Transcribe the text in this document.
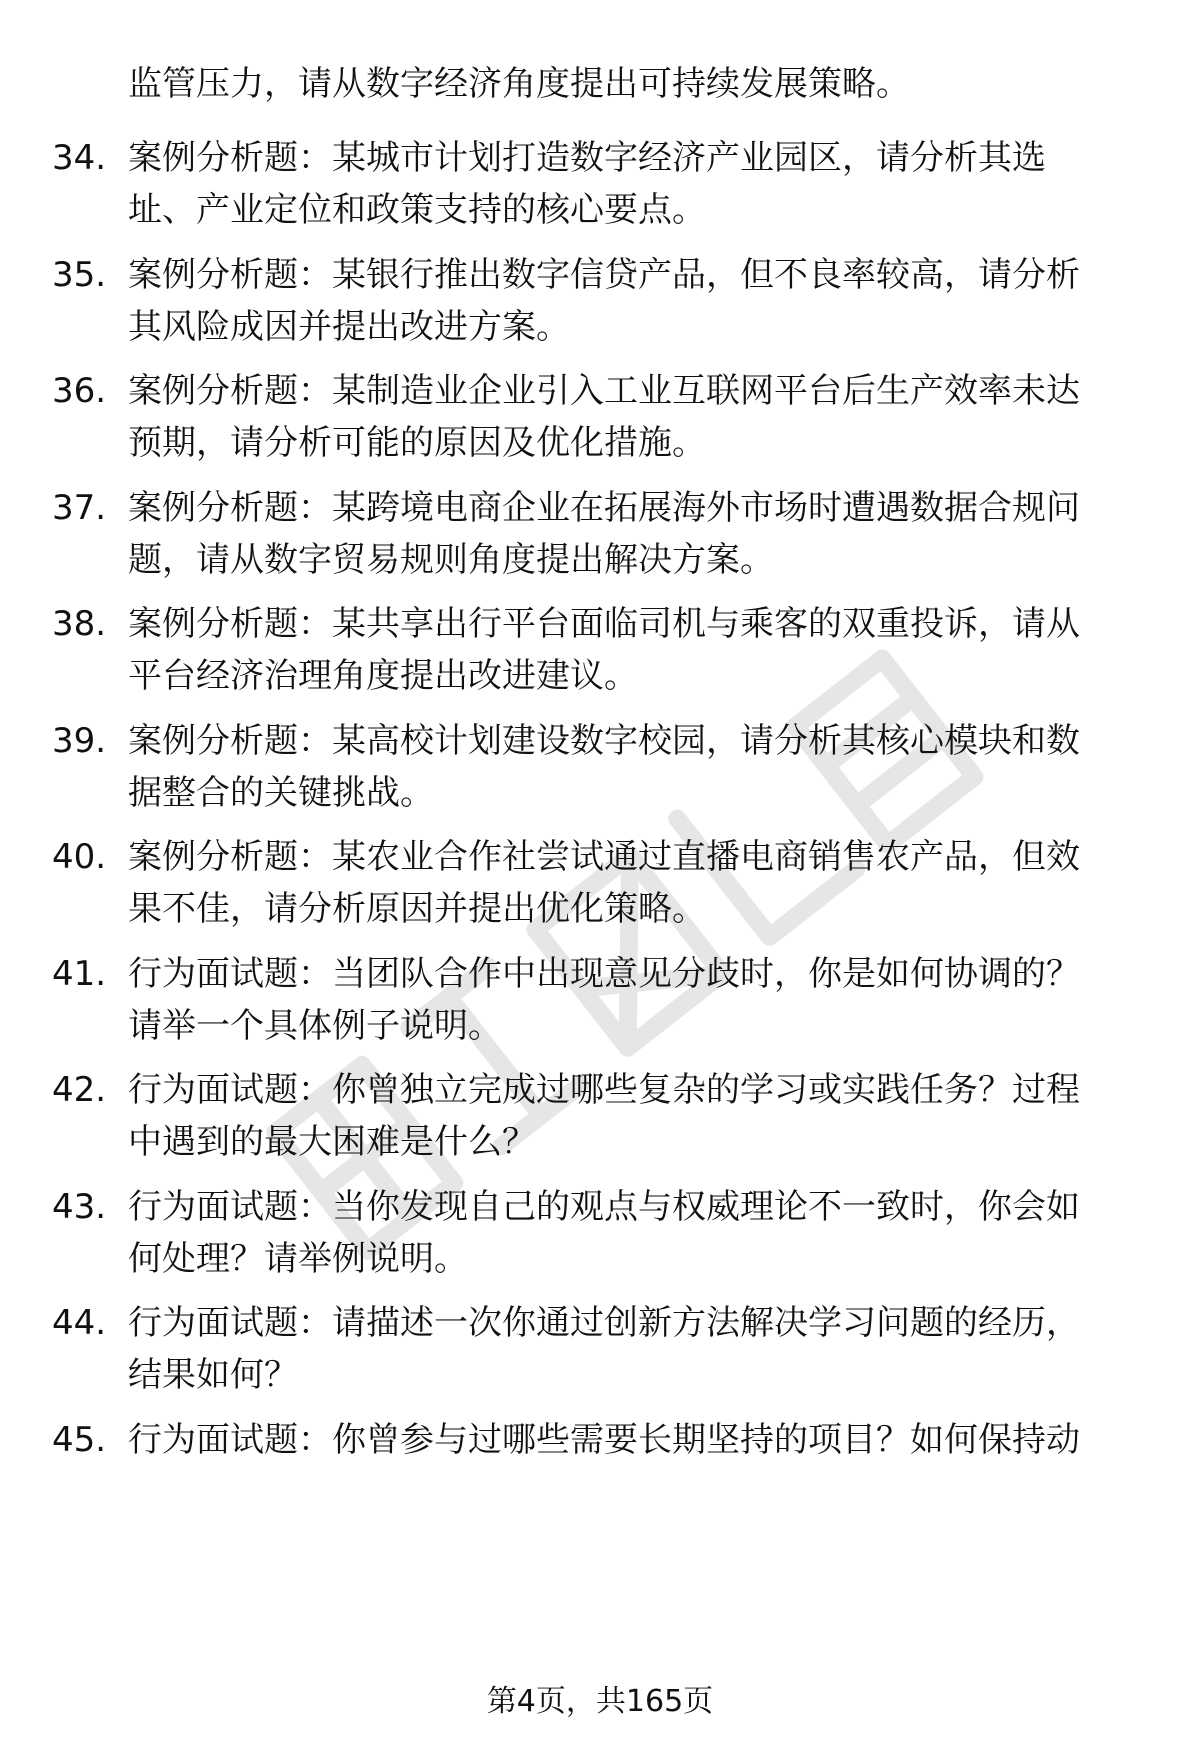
监管压力，请从数字经济角度提出可持续发展策略。
34. 案例分析题：某城市计划打造数字经济产业园区，请分析其选
址、产业定位和政策支持的核心要点。
35. 案例分析题：某银行推出数字信贷产品，但不良率较高，请分析
其风险成因并提出改进方案。
36. 案例分析题：某制造业企业引入工业互联网平台后生产效率未达
预期，请分析可能的原因及优化措施。
37. 案例分析题：某跨境电商企业在拓展海外市场时遭遇数据合规问
题，请从数字贸易规则角度提出解决方案。
38. 案例分析题：某共享出行平台面临司机与乘客的双重投诉，请从
平台经济治理角度提出改进建议。
39. 案例分析题：某高校计划建设数字校园，请分析其核心模块和数
据整合的关键挑战。
40. 案例分析题：某农业合作社尝试通过直播电商销售农产品，但效
果不佳，请分析原因并提出优化策略。
41. 行为面试题：当团队合作中出现意见分歧时，你是如何协调的？
请举一个具体例子说明。
42. 行为面试题：你曾独立完成过哪些复杂的学习或实践任务？过程
中遇到的最大困难是什么？
43. 行为面试题：当你发现自己的观点与权威理论不一致时，你会如
何处理？请举例说明。
44. 行为面试题：请描述一次你通过创新方法解决学习问题的经历，
结果如何？
45. 行为面试题：你曾参与过哪些需要长期坚持的项目？如何保持动
第4页，共165页
